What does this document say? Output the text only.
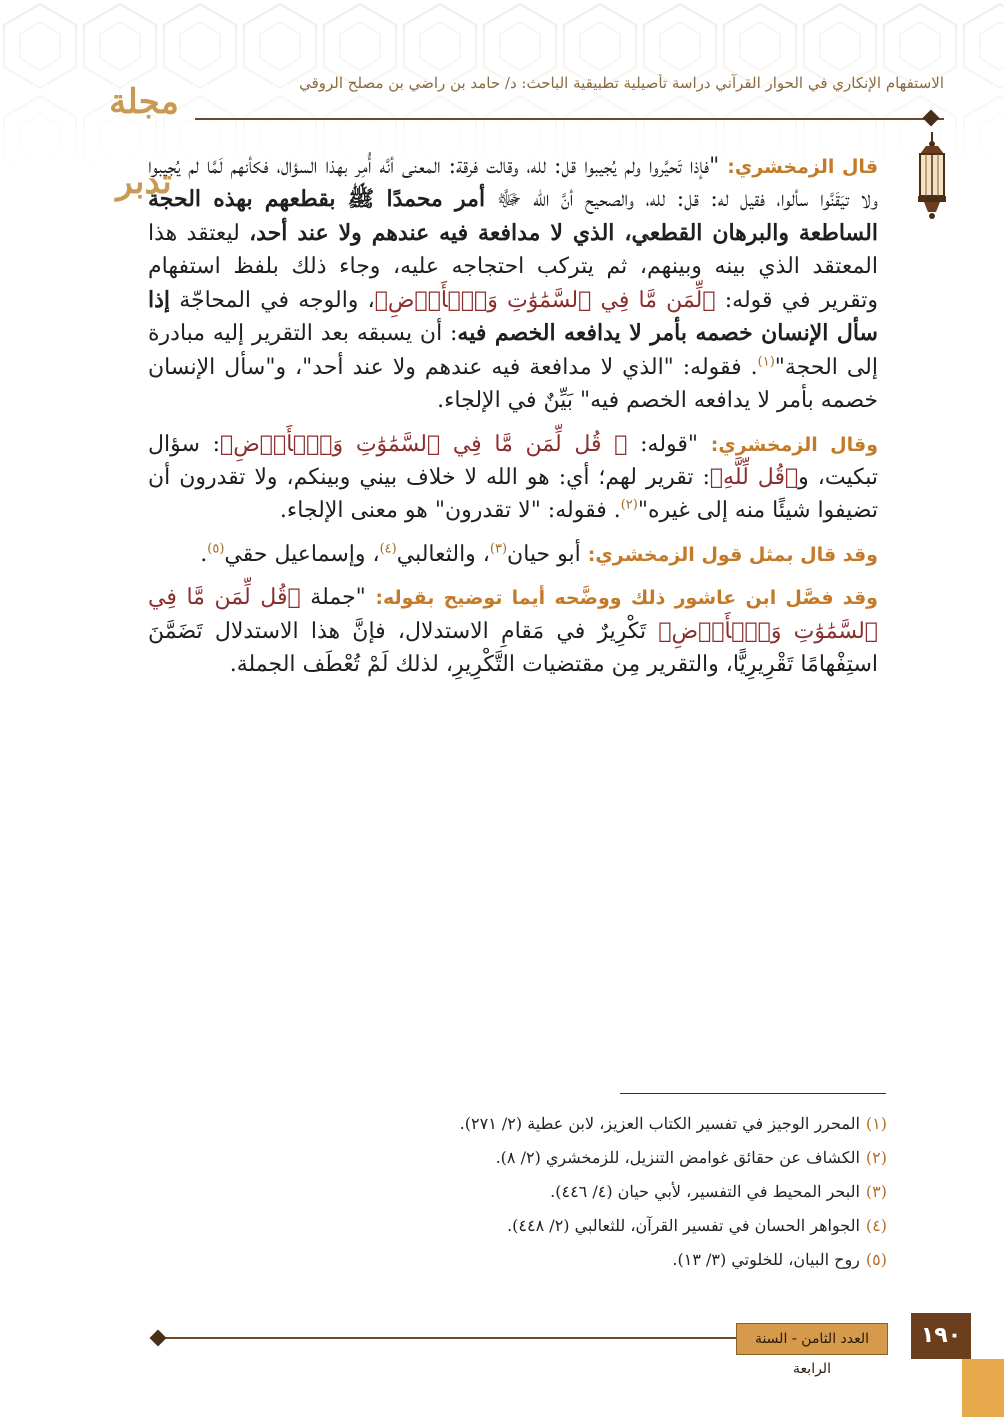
الاستفهام الإنكاري في الحوار القرآني دراسة تأصيلية تطبيقية الباحث: د/ حامد بن راضي بن مصلح الروقي
مجلة تدبر	قال الزمخشري: "فإذا تَحيَّروا ولم يُجيبوا قل: لله، وقالت فرقة: المعنى أنَّه أُمِر بهذا السؤال، فكأنهم لَمَّا لم يُجيبوا ولا تيَقَنَّوا سألوا، فقيل له: قل: لله، والصحيح أنَّ الله ﷻ أمر محمدًا ﷺ بقطعهم بهذه الحجة الساطعة والبرهان القطعي، الذي لا مدافعة فيه عندهم ولا عند أحد، ليعتقد هذا المعتقد الذي بينه وبينهم، ثم يتركب احتجاجه عليه، وجاء ذلك بلفظ استفهام وتقرير في قوله: ﴿لِّمَن مَّا فِي ٱلسَّمَٰوَٰتِ وَٱلۡأَرۡضِ﴾، والوجه في المحاجّة إذا سأل الإنسان خصمه بأمر لا يدافعه الخصم فيه: أن يسبقه بعد التقرير إليه مبادرة إلى الحجة"$^{(١)}$. فقوله: "الذي لا مدافعة فيه عندهم ولا عند أحد"، و"سأل الإنسان خصمه بأمر لا يدافعه الخصم فيه" بَيِّنٌ في الإلجاء.

وقال الزمخشري: "قوله: ﴿ قُل لِّمَن مَّا فِي ٱلسَّمَٰوَٰتِ وَٱلۡأَرۡضِ﴾: سؤال تبكيت، و﴿قُل لِّلَّهِ﴾: تقرير لهم؛ أي: هو الله لا خلاف بيني وبينكم، ولا تقدرون أن تضيفوا شيئًا منه إلى غيره"$^{(٢)}$. فقوله: "لا تقدرون" هو معنى الإلجاء.

وقد قال بمثل قول الزمخشري: أبو حيان$^{(٣)}$، والثعالبي$^{(٤)}$، وإسماعيل حقي$^{(٥)}$.

وقد فصَّل ابن عاشور ذلك ووضَّحه أيما توضيح بقوله: "جملة ﴿قُل لِّمَن مَّا فِي ٱلسَّمَٰوَٰتِ وَٱلۡأَرۡضِ﴾ تَكْرِيرٌ في مَقامِ الاستدلال، فإنَّ هذا الاستدلال تَضَمَّنَ استِفْهامًا تَقْرِيرِيًّا، والتقرير مِن مقتضيات التَّكْرِيرِ، لذلك لَمْ تُعْطَف الجملة.

(١)المحرر الوجيز في تفسير الكتاب العزيز، لابن عطية (٢/ ٢٧١).
(٢)الكشاف عن حقائق غوامض التنزيل، للزمخشري (٢/ ٨).
(٣)البحر المحيط في التفسير، لأبي حيان (٤/ ٤٤٦).
(٤)الجواهر الحسان في تفسير القرآن، للثعالبي (٢/ ٤٤٨).
(٥)روح البيان، للخلوتي (٣/ ١٣).
العدد الثامن - السنة الرابعة
١٩٠
